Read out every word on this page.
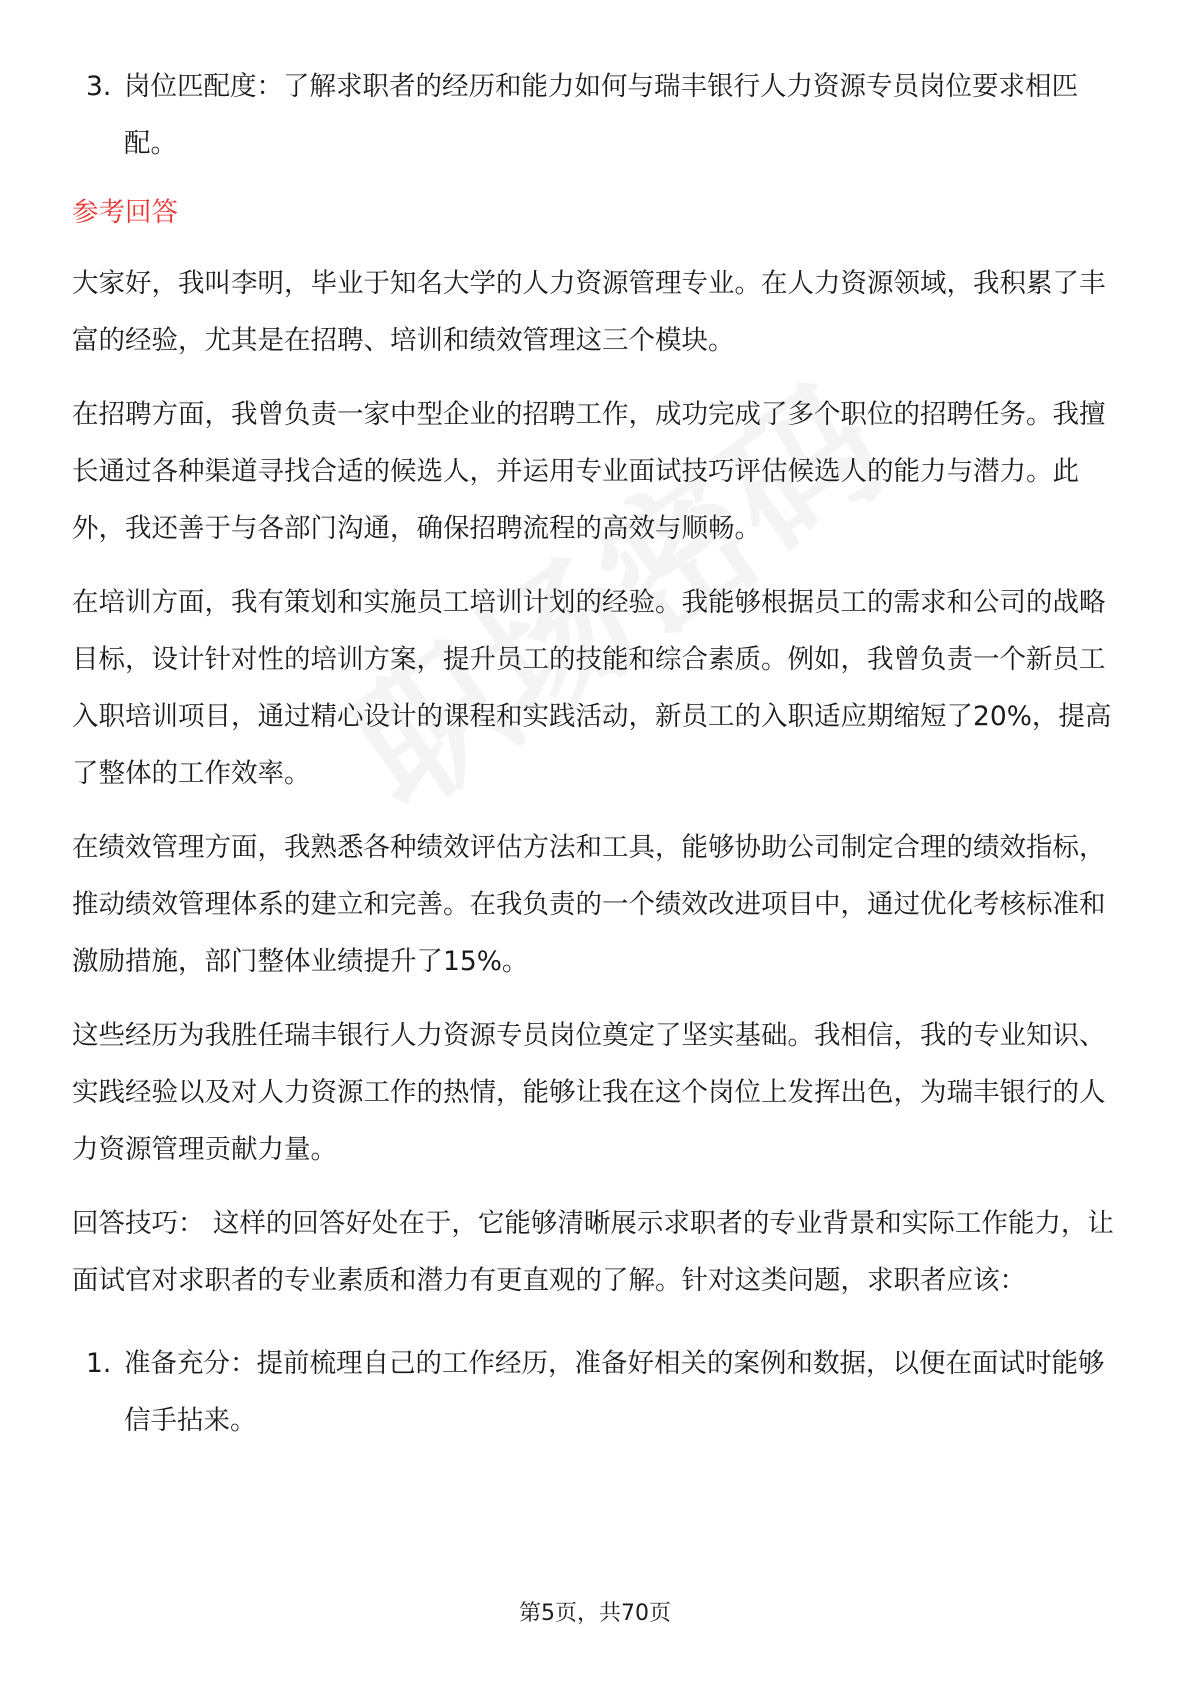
3. 岗位匹配度：了解求职者的经历和能力如何与瑞丰银行人力资源专员岗位要求相匹配。
参考回答
大家好，我叫李明，毕业于知名大学的人力资源管理专业。在人力资源领域，我积累了丰富的经验，尤其是在招聘、培训和绩效管理这三个模块。
在招聘方面，我曾负责一家中型企业的招聘工作，成功完成了多个职位的招聘任务。我擅长通过各种渠道寻找合适的候选人，并运用专业面试技巧评估候选人的能力与潜力。此外，我还善于与各部门沟通，确保招聘流程的高效与顺畅。
在培训方面，我有策划和实施员工培训计划的经验。我能够根据员工的需求和公司的战略目标，设计针对性的培训方案，提升员工的技能和综合素质。例如，我曾负责一个新员工入职培训项目，通过精心设计的课程和实践活动，新员工的入职适应期缩短了20%，提高了整体的工作效率。
在绩效管理方面，我熟悉各种绩效评估方法和工具，能够协助公司制定合理的绩效指标，推动绩效管理体系的建立和完善。在我负责的一个绩效改进项目中，通过优化考核标准和激励措施，部门整体业绩提升了15%。
这些经历为我胜任瑞丰银行人力资源专员岗位奠定了坚实基础。我相信，我的专业知识、实践经验以及对人力资源工作的热情，能够让我在这个岗位上发挥出色，为瑞丰银行的人力资源管理贡献力量。
回答技巧： 这样的回答好处在于，它能够清晰展示求职者的专业背景和实际工作能力，让面试官对求职者的专业素质和潜力有更直观的了解。针对这类问题，求职者应该：
1. 准备充分：提前梳理自己的工作经历，准备好相关的案例和数据，以便在面试时能够信手拈来。
第5页，共70页
